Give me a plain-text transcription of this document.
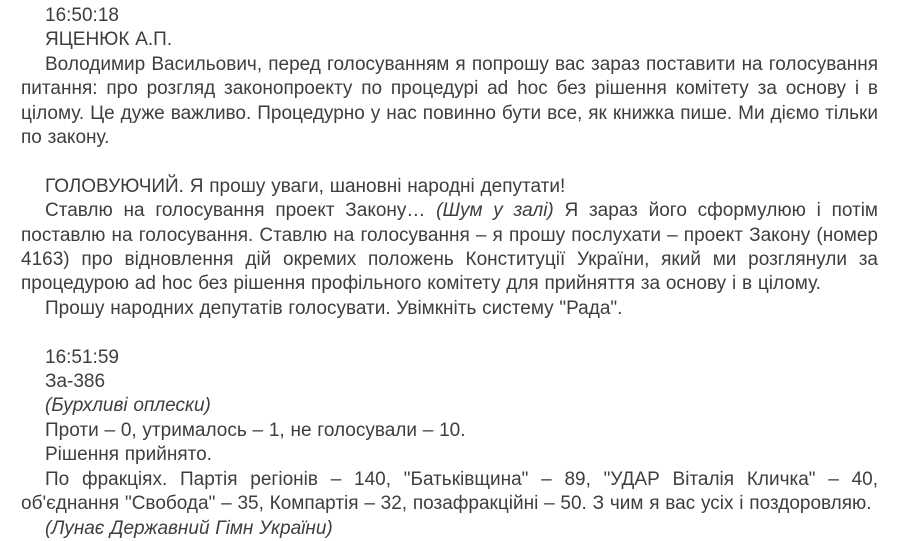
16:50:18

ЯЦЕНЮК А.П.

Володимир Васильович, перед голосуванням я попрошу вас зараз поставити на голосування питання: про розгляд законопроекту по процедурі ad hoc без рішення комітету за основу і в цілому. Це дуже важливо. Процедурно у нас повинно бути все, як книжка пише. Ми діємо тільки по закону.

ГОЛОВУЮЧИЙ. Я прошу уваги, шановні народні депутати!

Ставлю на голосування проект Закону… (Шум у залі) Я зараз його сформулюю і потім поставлю на голосування. Ставлю на голосування – я прошу послухати – проект Закону (номер 4163) про відновлення дій окремих положень Конституції України, який ми розглянули за процедурою ad hoc без рішення профільного комітету для прийняття за основу і в цілому.

Прошу народних депутатів голосувати. Увімкніть систему "Рада".

16:51:59

За-386

(Бурхливі оплески)

Проти – 0, утрималось – 1, не голосували – 10.

Рішення прийнято.

По фракціях. Партія регіонів – 140, "Батьківщина" – 89, "УДАР Віталія Кличка" – 40, об'єднання "Свобода" – 35, Компартія – 32, позафракційні – 50. З чим я вас усіх і поздоровляю.

(Лунає Державний Гімн України)
